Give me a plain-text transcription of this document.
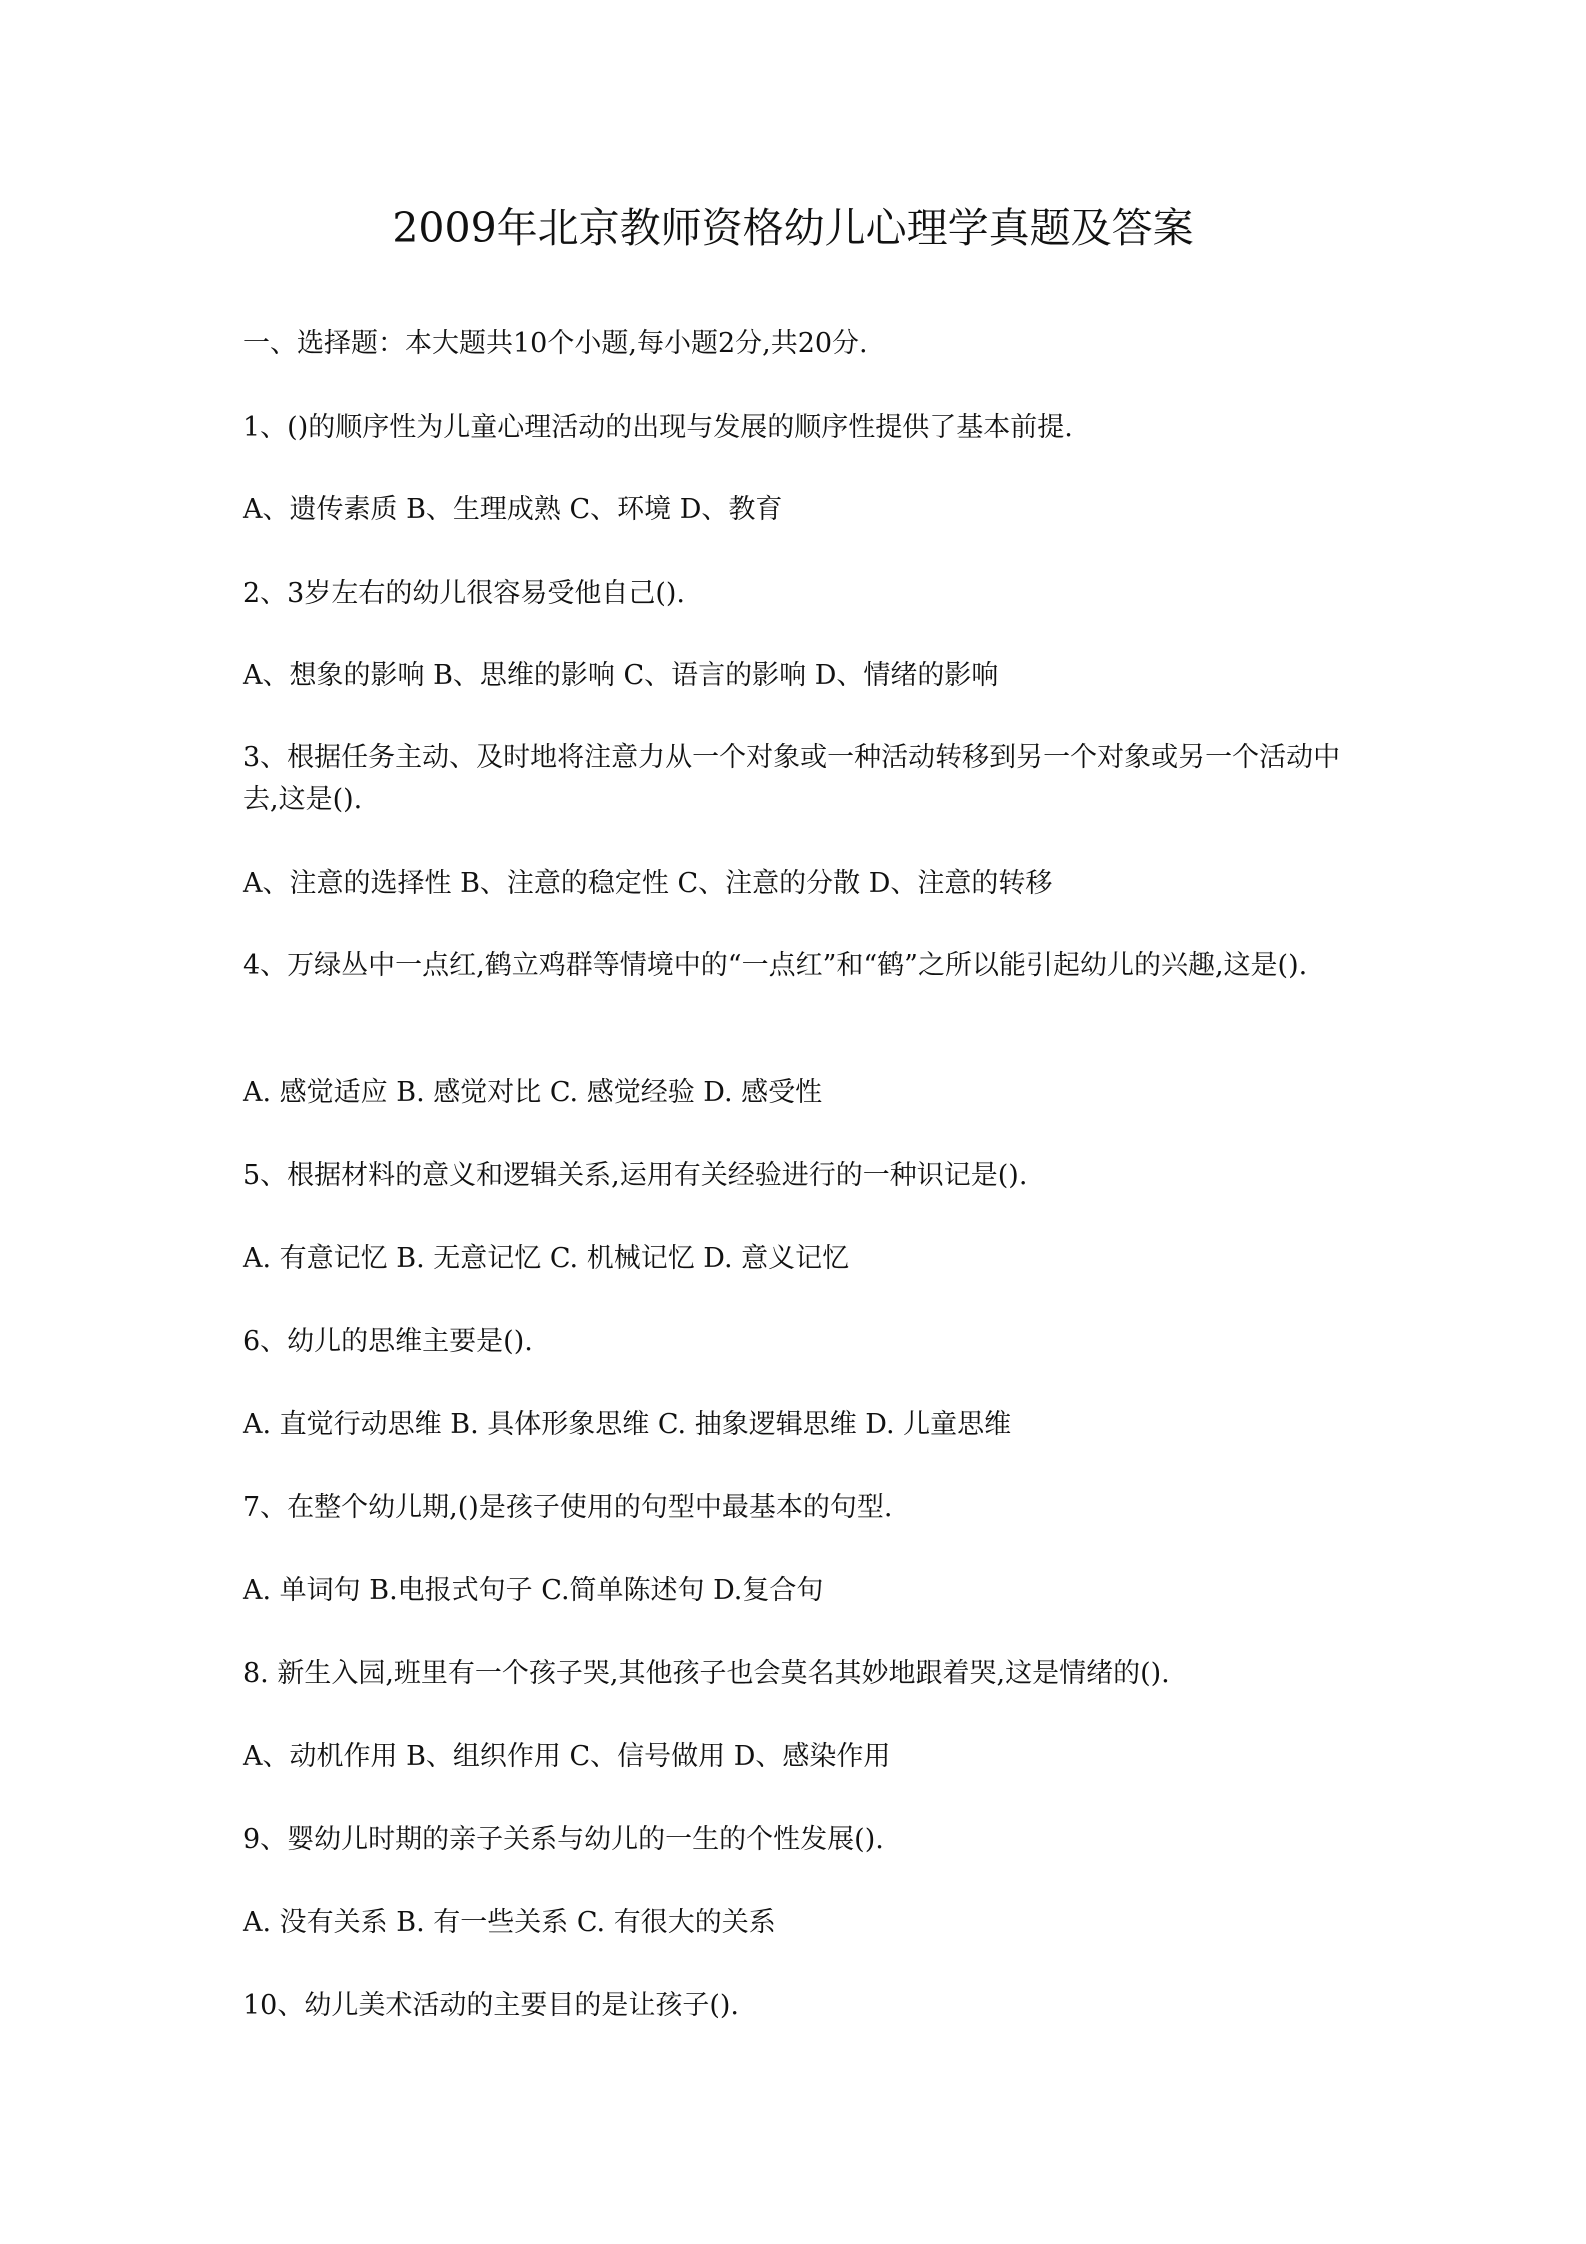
2009年北京教师资格幼儿心理学真题及答案
一、选择题：本大题共10个小题,每小题2分,共20分.
1、()的顺序性为儿童心理活动的出现与发展的顺序性提供了基本前提.
A、遗传素质 B、生理成熟 C、环境 D、教育
2、3岁左右的幼儿很容易受他自己().
A、想象的影响 B、思维的影响 C、语言的影响 D、情绪的影响
3、根据任务主动、及时地将注意力从一个对象或一种活动转移到另一个对象或另一个活动中去,这是().
A、注意的选择性 B、注意的稳定性 C、注意的分散 D、注意的转移
4、万绿丛中一点红,鹤立鸡群等情境中的“一点红”和“鹤”之所以能引起幼儿的兴趣,这是().
A. 感觉适应 B. 感觉对比 C. 感觉经验 D. 感受性
5、根据材料的意义和逻辑关系,运用有关经验进行的一种识记是().
A. 有意记忆 B. 无意记忆 C. 机械记忆 D. 意义记忆
6、幼儿的思维主要是().
A. 直觉行动思维 B. 具体形象思维 C. 抽象逻辑思维 D. 儿童思维
7、在整个幼儿期,()是孩子使用的句型中最基本的句型.
A. 单词句 B.电报式句子 C.简单陈述句 D.复合句
8. 新生入园,班里有一个孩子哭,其他孩子也会莫名其妙地跟着哭,这是情绪的().
A、动机作用 B、组织作用 C、信号做用 D、感染作用
9、婴幼儿时期的亲子关系与幼儿的一生的个性发展().
A. 没有关系 B. 有一些关系 C. 有很大的关系
10、幼儿美术活动的主要目的是让孩子().
